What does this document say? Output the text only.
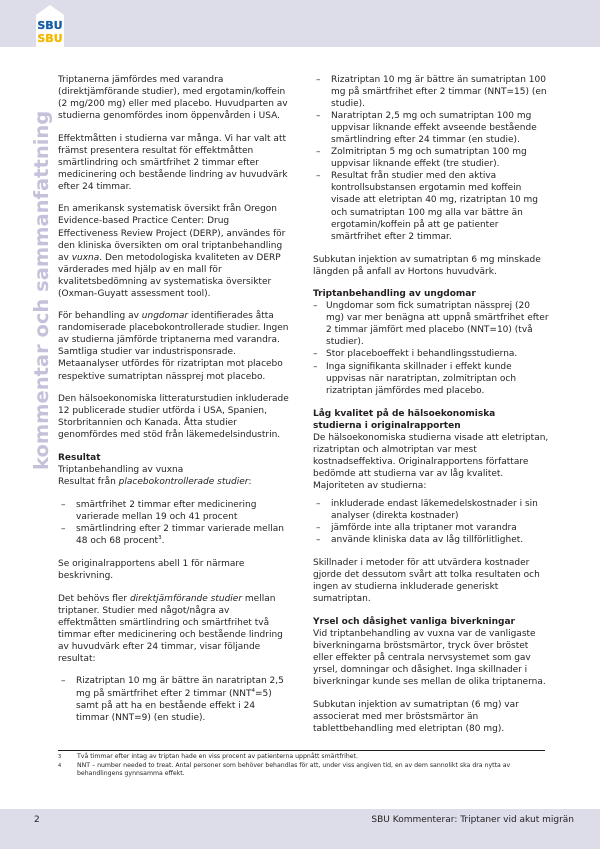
SBU
SBU
kommentar och sammanfattning

Triptanerna jämfördes med varandra (direktjämförande studier), med ergotamin/koffein (2 mg/200 mg) eller med placebo. Huvudparten av studierna genomfördes inom öppenvården i USA.

Effektmåtten i studierna var många. Vi har valt att främst presentera resultat för effektmåtten smärtlindring och smärtfrihet 2 timmar efter medicinering och bestående lindring av huvudvärk efter 24 timmar.

En amerikansk systematisk översikt från Oregon Evidence-based Practice Center: Drug Effectiveness Review Project (DERP), användes för den kliniska översikten om oral triptanbehandling av vuxna. Den metodologiska kvaliteten av DERP värderades med hjälp av en mall för kvalitetsbedömning av systematiska översikter (Oxman-Guyatt assessment tool).

För behandling av ungdomar identifierades åtta randomiserade placebokontrollerade studier. Ingen av studierna jämförde triptanerna med varandra. Samtliga studier var industrisponsrade. Metaanalyser utfördes för rizatriptan mot placebo respektive sumatriptan nässprej mot placebo.

Den hälsoekonomiska litteraturstudien inkluderade 12 publicerade studier utförda i USA, Spanien, Storbritannien och Kanada. Åtta studier genomfördes med stöd från läkemedelsindustrin.

Resultat
Triptanbehandling av vuxna
Resultat från placebokontrollerade studier:
– smärtfrihet 2 timmar efter medicinering varierade mellan 19 och 41 procent
– smärtlindring efter 2 timmar varierade mellan 48 och 68 procent$^3$.

Se originalrapportens abell 1 för närmare beskrivning.

Det behövs fler direktjämförande studier mellan triptaner. Studier med något/några av effektmåtten smärtlindring och smärtfrihet två timmar efter medicinering och bestående lindring av huvudvärk efter 24 timmar, visar följande resultat:

– Rizatriptan 10 mg är bättre än naratriptan 2,5 mg på smärtfrihet efter 2 timmar $(NNT^4=5)$ samt på att ha en bestående effekt i 24 timmar (NNT=9) (en studie).
– Rizatriptan 10 mg är bättre än sumatriptan 100 mg på smärtfrihet efter 2 timmar (NNT=15) (en studie).
– Naratriptan 2,5 mg och sumatriptan 100 mg uppvisar liknande effekt avseende bestående smärtlindring efter 24 timmar (en studie).
– Zolmitriptan 5 mg och sumatriptan 100 mg uppvisar liknande effekt (tre studier).
– Resultat från studier med den aktiva kontrollsubstansen ergotamin med koffein visade att eletriptan 40 mg, rizatriptan 10 mg och sumatriptan 100 mg alla var bättre än ergotamin/koffein på att ge patienter smärtfrihet efter 2 timmar.

Subkutan injektion av sumatriptan 6 mg minskade längden på anfall av Hortons huvudvärk.

Triptanbehandling av ungdomar
– Ungdomar som fick sumatriptan nässprej (20 mg) var mer benägna att uppnå smärtfrihet efter 2 timmar jämfört med placebo (NNT=10) (två studier).
– Stor placeboeffekt i behandlingsstudierna.
– Inga signifikanta skillnader i effekt kunde uppvisas när naratriptan, zolmitriptan och rizatriptan jämfördes med placebo.
Låg kvalitet på de hälsoekonomiska
studierna i originalrapporten
De hälsoekonomiska studierna visade att eletriptan, rizatriptan och almotriptan var mest kostnadseffektiva. Originalrapportens författare bedömde att studierna var av låg kvalitet. Majoriteten av studierna:
– inkluderade endast läkemedelskostnader i sin analyser (direkta kostnader)
– jämförde inte alla triptaner mot varandra
– använde kliniska data av låg tillförlitlighet.

Skillnader i metoder för att utvärdera kostnader gjorde det dessutom svårt att tolka resultaten och ingen av studierna inkluderade generiskt sumatriptan.

Yrsel och dåsighet vanliga biverkningar

Vid triptanbehandling av vuxna var de vanligaste biverkningarna bröstsmärtor, tryck över bröstet eller effekter på centrala nervsystemet som gav yrsel, domningar och dåsighet. Inga skillnader i biverkningar kunde ses mellan de olika triptanerna.

Subkutan injektion av sumatriptan (6 mg) var associerat med mer bröstsmärtor än tablettbehandling med eletriptan (80 mg).

3	Två timmar efter intag av triptan hade en viss procent av patienterna uppnått smärtfrihet.
4	NNT – number needed to treat. Antal personer som behöver behandlas för att, under viss angiven tid, en av dem sannolikt ska dra nytta av behandlingens gynnsamma effekt.
2	SBU Kommenterar: Triptaner vid akut migrän
